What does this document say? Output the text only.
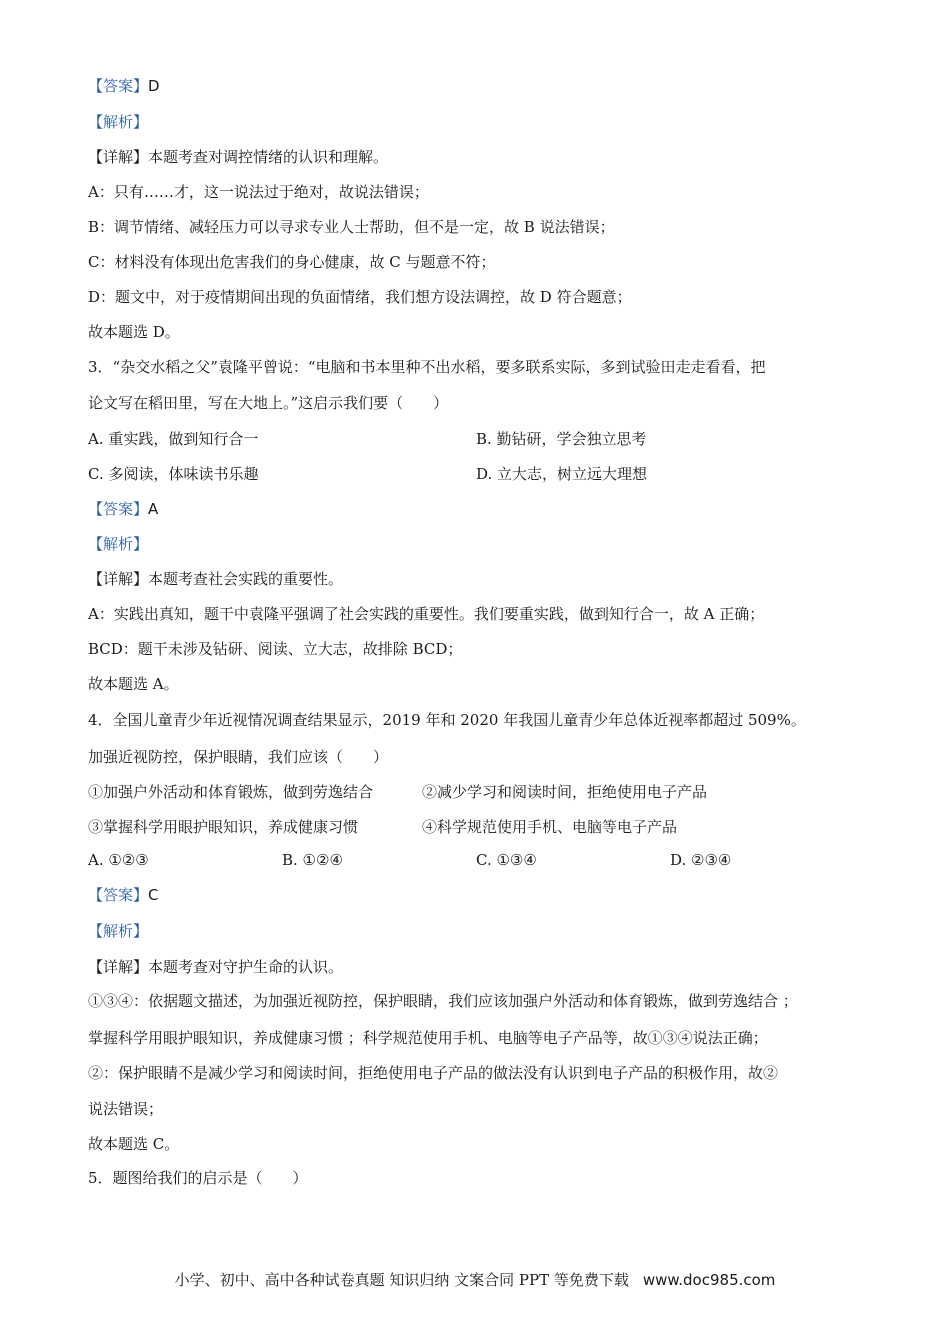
【答案】D
【解析】
【详解】本题考查对调控情绪的认识和理解。
A：只有……才，这一说法过于绝对，故说法错误；
B：调节情绪、减轻压力可以寻求专业人士帮助，但不是一定，故 B 说法错误；
C：材料没有体现出危害我们的身心健康，故 C 与题意不符；
D：题文中，对于疫情期间出现的负面情绪，我们想方设法调控，故 D 符合题意；
故本题选 D。
3．“杂交水稻之父”袁隆平曾说：“电脑和书本里种不出水稻，要多联系实际，多到试验田走走看看，把
论文写在稻田里，写在大地上。”这启示我们要（　　）
A. 重实践，做到知行合一	B. 勤钻研，学会独立思考
C. 多阅读，体味读书乐趣	D. 立大志，树立远大理想
【答案】A
【解析】
【详解】本题考查社会实践的重要性。
A：实践出真知，题干中袁隆平强调了社会实践的重要性。我们要重实践，做到知行合一，故 A 正确；
BCD：题干未涉及钻研、阅读、立大志，故排除 BCD；
故本题选 A。
4．全国儿童青少年近视情况调查结果显示，2019 年和 2020 年我国儿童青少年总体近视率都超过 509%。
加强近视防控，保护眼睛，我们应该（　　）
①加强户外活动和体育锻炼，做到劳逸结合	②减少学习和阅读时间，拒绝使用电子产品
③掌握科学用眼护眼知识，养成健康习惯	④科学规范使用手机、电脑等电子产品
A. ①②③	B. ①②④	C. ①③④	D. ②③④
【答案】C
【解析】
【详解】本题考查对守护生命的认识。
①③④：依据题文描述，为加强近视防控，保护眼睛，我们应该加强户外活动和体育锻炼，做到劳逸结合 ；
掌握科学用眼护眼知识，养成健康习惯 ；科学规范使用手机、电脑等电子产品等，故①③④说法正确；
②：保护眼睛不是减少学习和阅读时间，拒绝使用电子产品的做法没有认识到电子产品的积极作用，故②
说法错误；
故本题选 C。
5．题图给我们的启示是（　　）
小学、初中、高中各种试卷真题 知识归纳 文案合同 PPT 等免费下载 www.doc985.com
